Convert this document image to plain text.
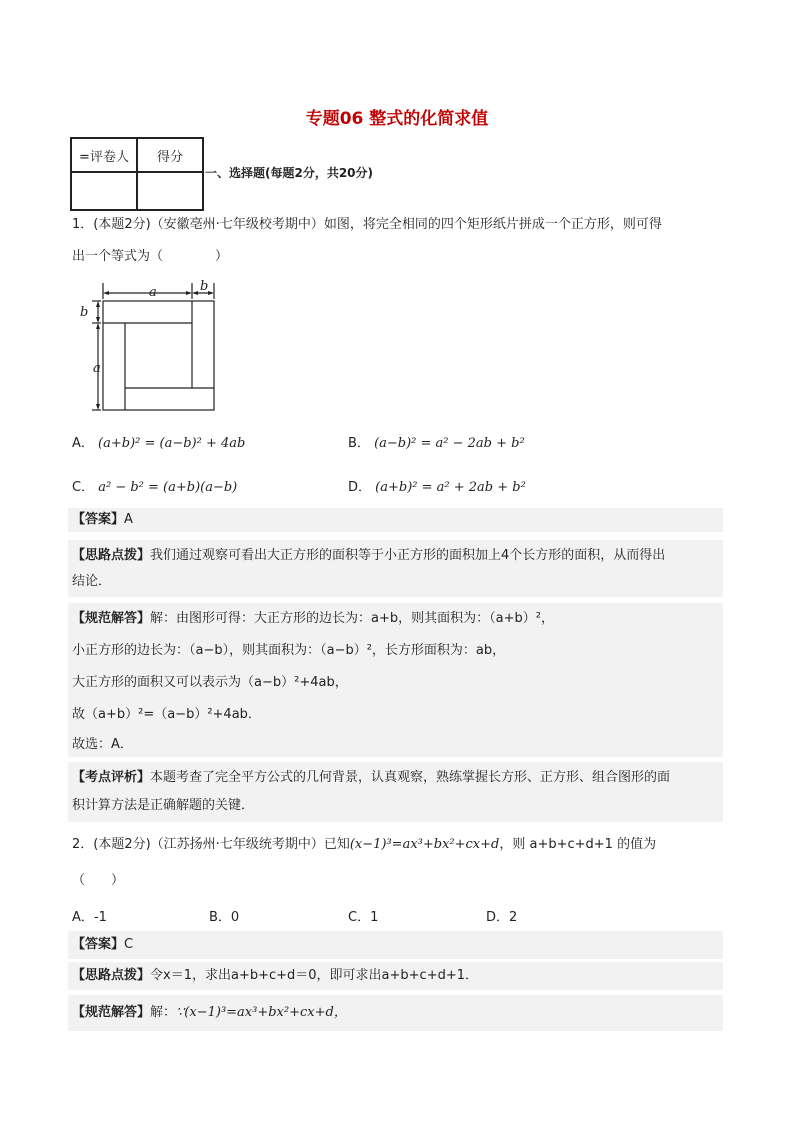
专题06 整式的化简求值
=评卷人	得分

一、选择题(每题2分，共20分)
1．(本题2分)（安徽亳州·七年级校考期中）如图，将完全相同的四个矩形纸片拼成一个正方形，则可得
出一个等式为（　　　　）
a	b
b
a
A． (a+b)² = (a−b)² + 4ab	B． (a−b)² = a² − 2ab + b²
C． a² − b² = (a+b)(a−b)	D． (a+b)² = a² + 2ab + b²
【答案】A
【思路点拨】我们通过观察可看出大正方形的面积等于小正方形的面积加上4个长方形的面积，从而得出
结论．
【规范解答】解：由图形可得：大正方形的边长为：a+b，则其面积为：（a+b）²，
小正方形的边长为：（a−b），则其面积为：（a−b）²，长方形面积为：ab，
大正方形的面积又可以表示为（a−b）²+4ab，
故（a+b）²=（a−b）²+4ab．
故选：A．
【考点评析】本题考查了完全平方公式的几何背景，认真观察，熟练掌握长方形、正方形、组合图形的面
积计算方法是正确解题的关键．
2．(本题2分)（江苏扬州·七年级统考期中）已知(x−1)³=ax³+bx²+cx+d，则 a+b+c+d+1 的值为
（　　）
A．-1	B．0	C．1	D．2
【答案】C
【思路点拨】令x＝1，求出a+b+c+d＝0，即可求出a+b+c+d+1．
【规范解答】解：∵(x−1)³=ax³+bx²+cx+d，
